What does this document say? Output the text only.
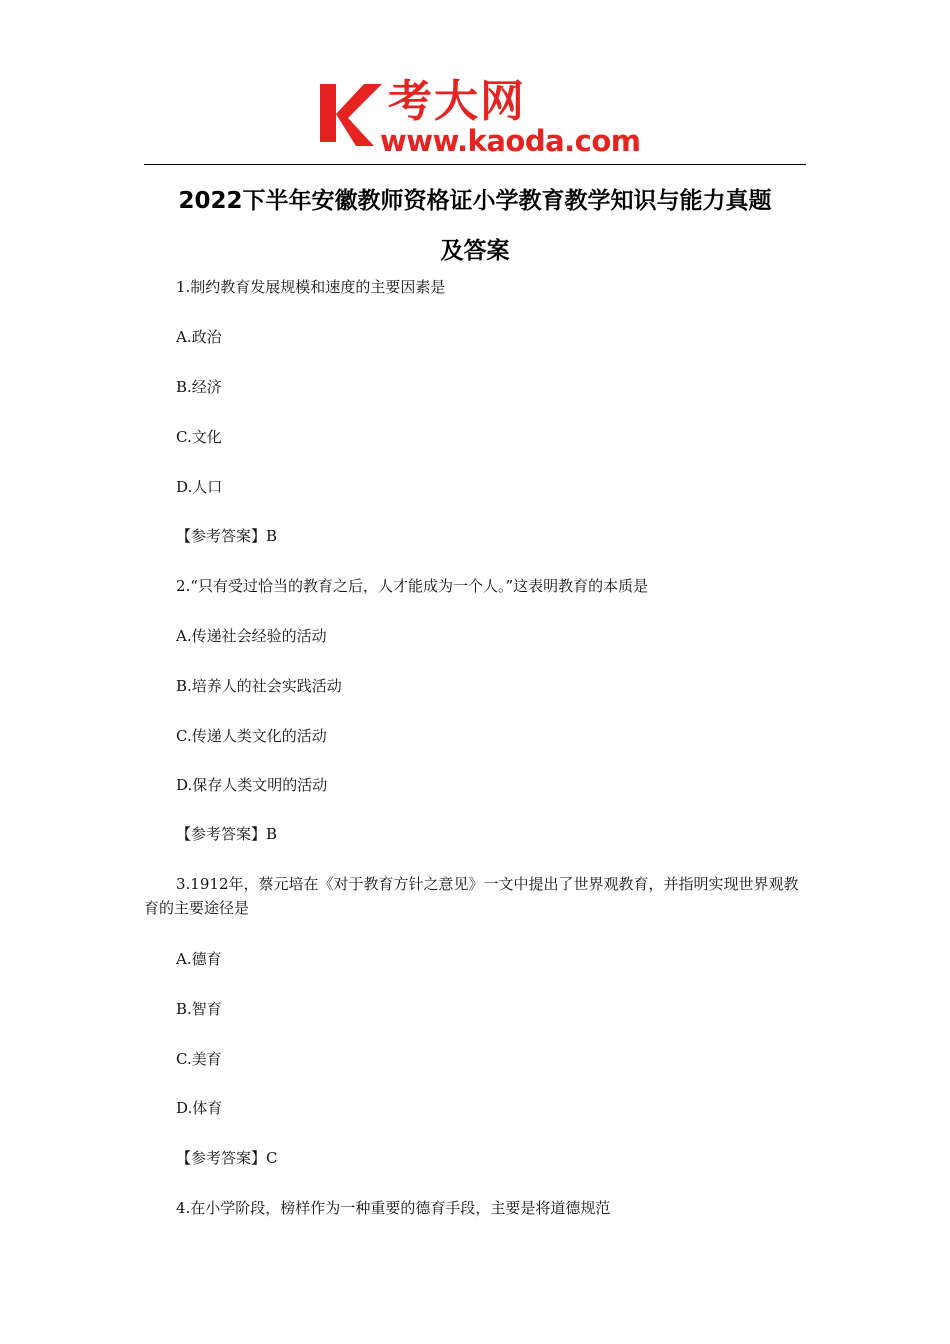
K 考大网
www.kaoda.com
2022下半年安徽教师资格证小学教育教学知识与能力真题
及答案
1.制约教育发展规模和速度的主要因素是
A.政治
B.经济
C.文化
D.人口
【参考答案】B
2.“只有受过恰当的教育之后，人才能成为一个人。”这表明教育的本质是
A.传递社会经验的活动
B.培养人的社会实践活动
C.传递人类文化的活动
D.保存人类文明的活动
【参考答案】B
3.1912年，蔡元培在《对于教育方针之意见》一文中提出了世界观教育，并指明实现世界观教育的主要途径是
A.德育
B.智育
C.美育
D.体育
【参考答案】C
4.在小学阶段，榜样作为一种重要的德育手段，主要是将道德规范
